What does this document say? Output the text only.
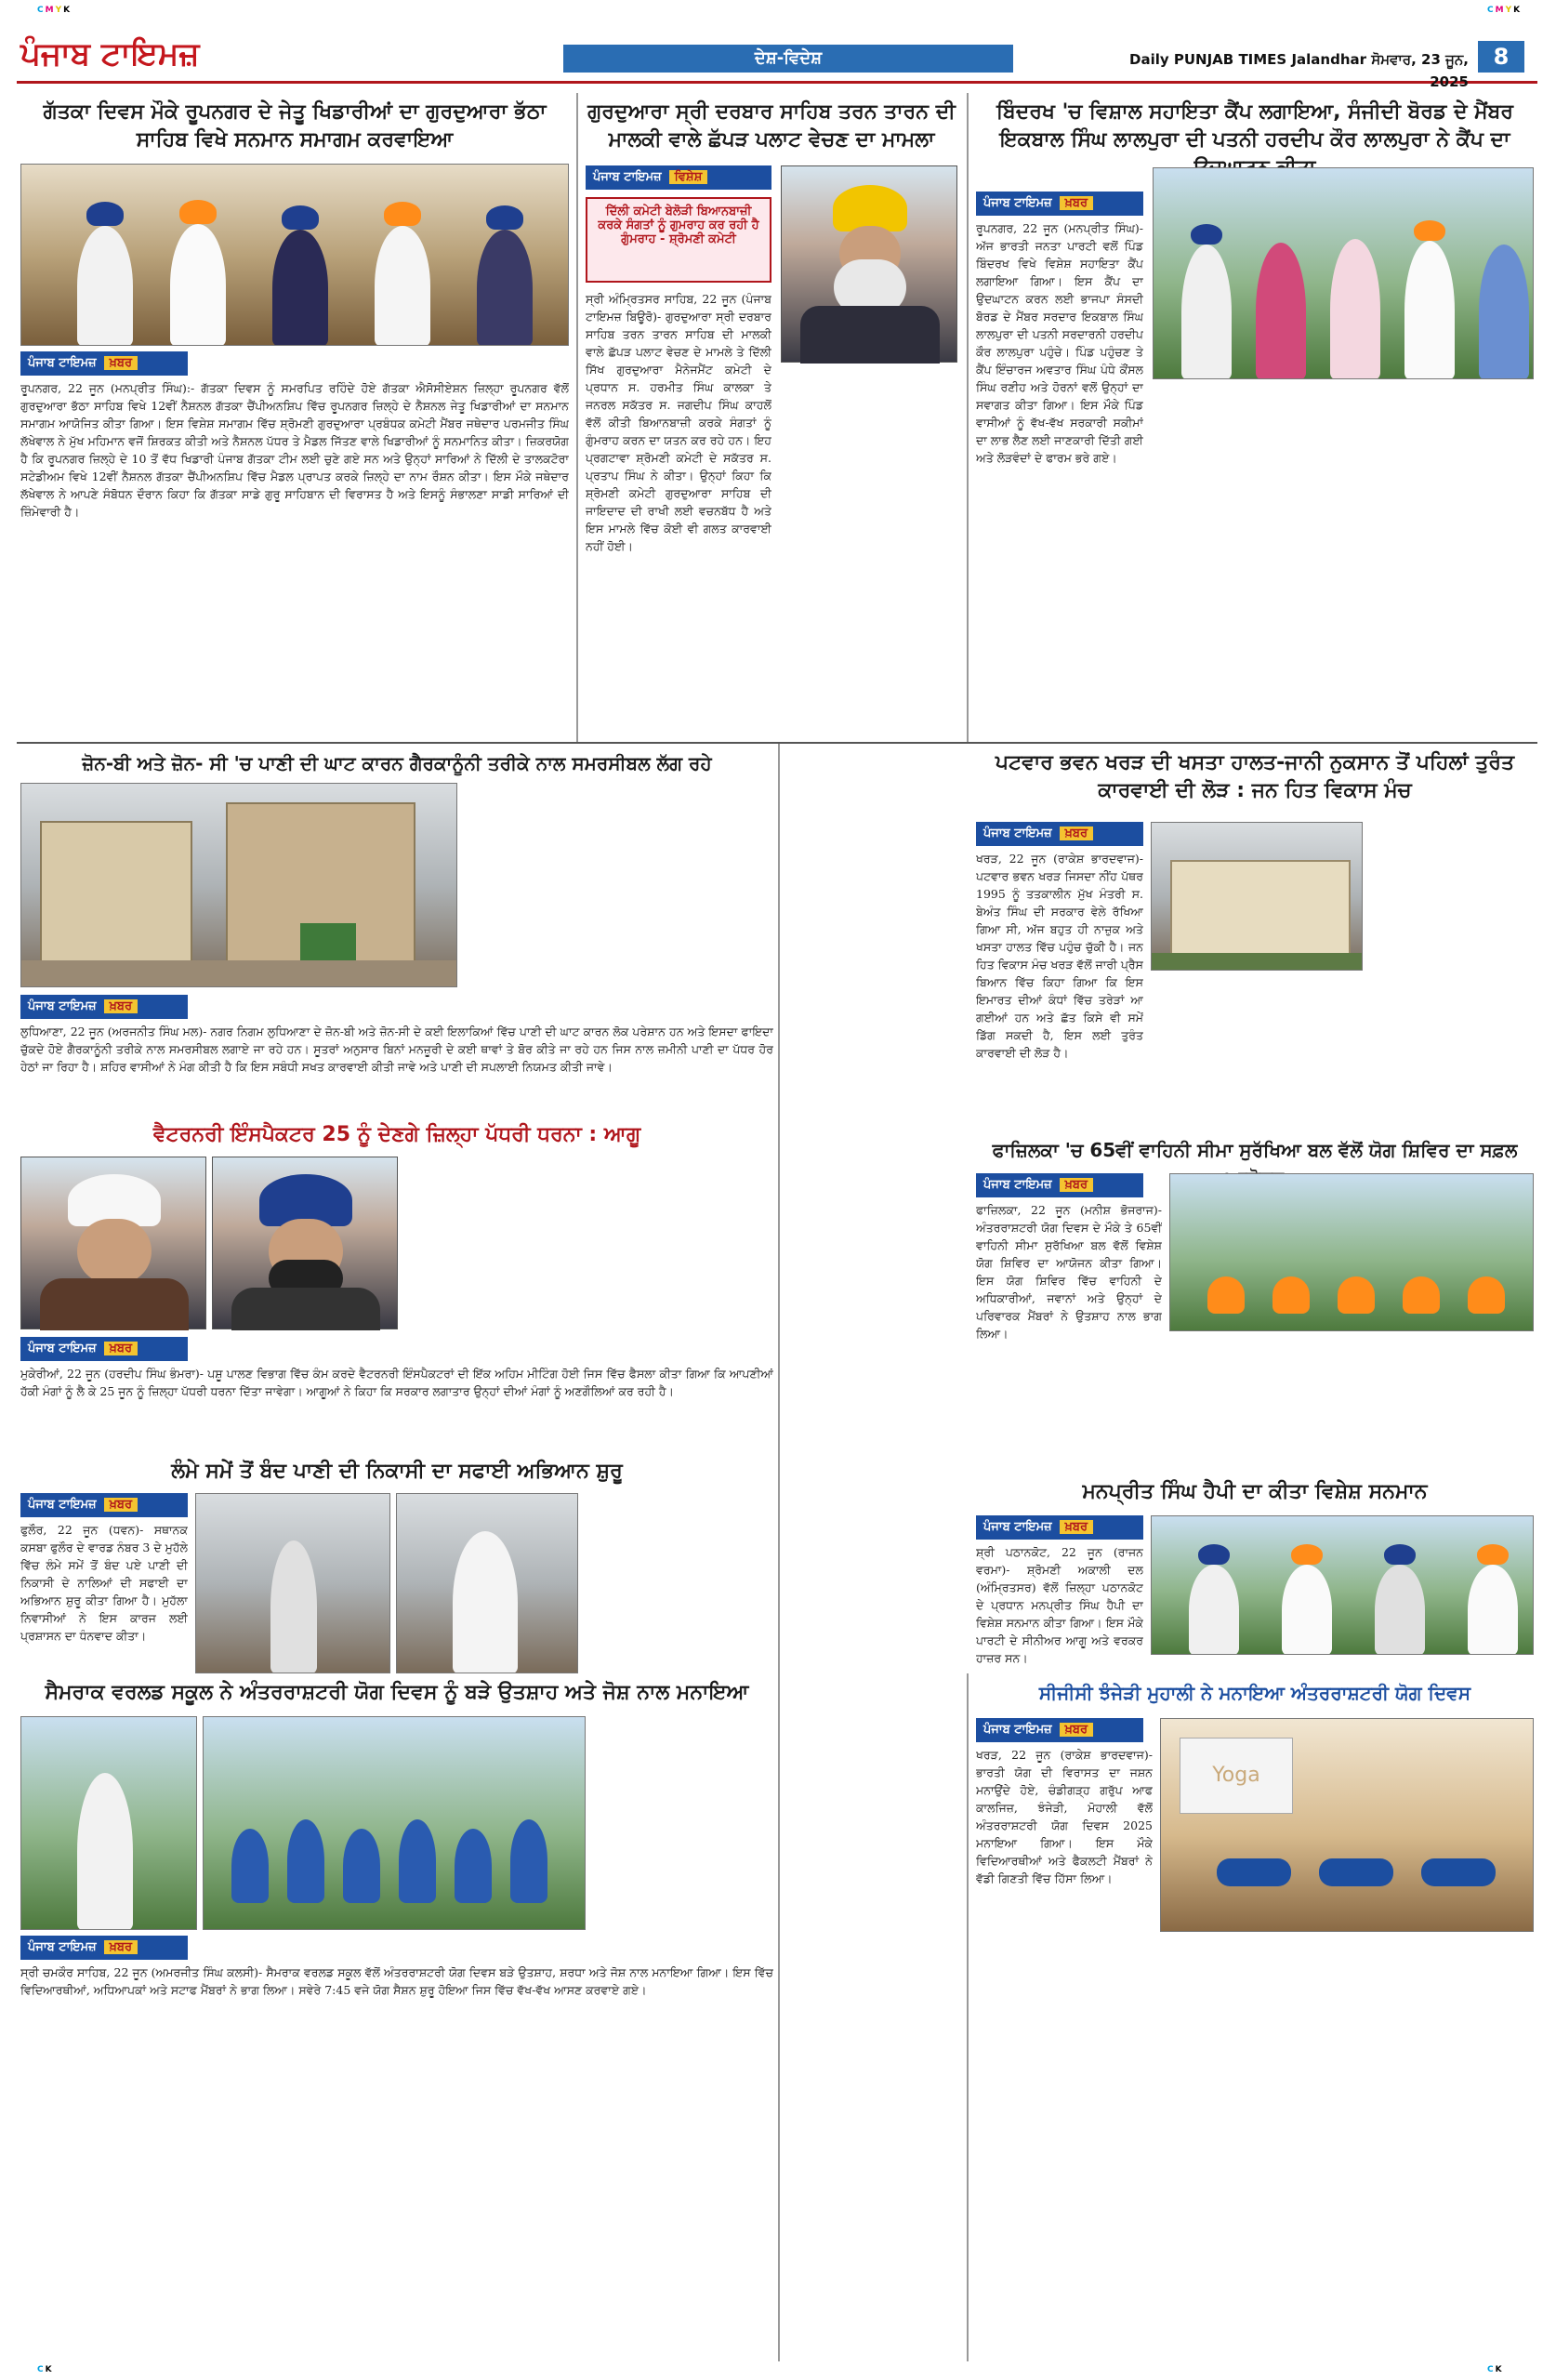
CMYK	CMYK
CK	CK
ਪੰਜਾਬ ਟਾਇਮਜ਼	ਦੇਸ਼-ਵਿਦੇਸ਼	Daily PUNJAB TIMES Jalandhar ਸੋਮਵਾਰ, 23 ਜੂਨ, 2025
8
ਗੱਤਕਾ ਦਿਵਸ ਮੌਕੇ ਰੂਪਨਗਰ ਦੇ ਜੇਤੂ ਖਿਡਾਰੀਆਂ ਦਾ ਗੁਰਦੁਆਰਾ ਭੱਠਾ ਸਾਹਿਬ ਵਿਖੇ ਸਨਮਾਨ ਸਮਾਗਮ ਕਰਵਾਇਆ
ਪੰਜਾਬ ਟਾਇਮਜ਼ ਖ਼ਬਰ
ਰੂਪਨਗਰ, 22 ਜੂਨ (ਮਨਪ੍ਰੀਤ ਸਿੰਘ):- ਗੱਤਕਾ ਦਿਵਸ ਨੂੰ ਸਮਰਪਿਤ ਰਹਿੰਦੇ ਹੋਏ ਗੱਤਕਾ ਐਸੋਸੀਏਸ਼ਨ ਜ਼ਿਲ੍ਹਾ ਰੂਪਨਗਰ ਵੱਲੋਂ ਗੁਰਦੁਆਰਾ ਭੱਠਾ ਸਾਹਿਬ ਵਿਖੇ 12ਵੀਂ ਨੈਸ਼ਨਲ ਗੱਤਕਾ ਚੈਂਪੀਅਨਸ਼ਿਪ ਵਿੱਚ ਰੂਪਨਗਰ ਜ਼ਿਲ੍ਹੇ ਦੇ ਨੈਸ਼ਨਲ ਜੇਤੂ ਖਿਡਾਰੀਆਂ ਦਾ ਸਨਮਾਨ ਸਮਾਗਮ ਆਯੋਜਿਤ ਕੀਤਾ ਗਿਆ। ਇਸ ਵਿਸ਼ੇਸ਼ ਸਮਾਗਮ ਵਿੱਚ ਸ਼੍ਰੋਮਣੀ ਗੁਰਦੁਆਰਾ ਪ੍ਰਬੰਧਕ ਕਮੇਟੀ ਮੈਂਬਰ ਜਥੇਦਾਰ ਪਰਮਜੀਤ ਸਿੰਘ ਲੱਖੇਵਾਲ ਨੇ ਮੁੱਖ ਮਹਿਮਾਨ ਵਜੋਂ ਸ਼ਿਰਕਤ ਕੀਤੀ ਅਤੇ ਨੈਸ਼ਨਲ ਪੱਧਰ ਤੇ ਮੈਡਲ ਜਿੱਤਣ ਵਾਲੇ ਖਿਡਾਰੀਆਂ ਨੂੰ ਸਨਮਾਨਿਤ ਕੀਤਾ। ਜ਼ਿਕਰਯੋਗ ਹੈ ਕਿ ਰੂਪਨਗਰ ਜ਼ਿਲ੍ਹੇ ਦੇ 10 ਤੋਂ ਵੱਧ ਖਿਡਾਰੀ ਪੰਜਾਬ ਗੱਤਕਾ ਟੀਮ ਲਈ ਚੁਣੇ ਗਏ ਸਨ ਅਤੇ ਉਨ੍ਹਾਂ ਸਾਰਿਆਂ ਨੇ ਦਿੱਲੀ ਦੇ ਤਾਲਕਟੋਰਾ ਸਟੇਡੀਅਮ ਵਿਖੇ 12ਵੀਂ ਨੈਸ਼ਨਲ ਗੱਤਕਾ ਚੈਂਪੀਅਨਸ਼ਿਪ ਵਿੱਚ ਮੈਡਲ ਪ੍ਰਾਪਤ ਕਰਕੇ ਜ਼ਿਲ੍ਹੇ ਦਾ ਨਾਮ ਰੌਸ਼ਨ ਕੀਤਾ। ਇਸ ਮੌਕੇ ਜਥੇਦਾਰ ਲੱਖੇਵਾਲ ਨੇ ਆਪਣੇ ਸੰਬੋਧਨ ਦੌਰਾਨ ਕਿਹਾ ਕਿ ਗੱਤਕਾ ਸਾਡੇ ਗੁਰੂ ਸਾਹਿਬਾਨ ਦੀ ਵਿਰਾਸਤ ਹੈ ਅਤੇ ਇਸਨੂੰ ਸੰਭਾਲਣਾ ਸਾਡੀ ਸਾਰਿਆਂ ਦੀ ਜ਼ਿੰਮੇਵਾਰੀ ਹੈ।
ਗੁਰਦੁਆਰਾ ਸ੍ਰੀ ਦਰਬਾਰ ਸਾਹਿਬ ਤਰਨ ਤਾਰਨ ਦੀ ਮਾਲਕੀ ਵਾਲੇ ਛੱਪੜ ਪਲਾਟ ਵੇਚਣ ਦਾ ਮਾਮਲਾ
ਪੰਜਾਬ ਟਾਇਮਜ਼ ਵਿਸ਼ੇਸ਼
ਦਿੱਲੀ ਕਮੇਟੀ ਬੇਲੋੜੀ ਬਿਆਨਬਾਜ਼ੀ ਕਰਕੇ ਸੰਗਤਾਂ ਨੂੰ ਗੁਮਰਾਹ ਕਰ ਰਹੀ ਹੈ ਗੁੰਮਰਾਹ - ਸ਼੍ਰੋਮਣੀ ਕਮੇਟੀ
ਸ੍ਰੀ ਅੰਮ੍ਰਿਤਸਰ ਸਾਹਿਬ, 22 ਜੂਨ (ਪੰਜਾਬ ਟਾਇਮਜ਼ ਬਿਊਰੋ)- ਗੁਰਦੁਆਰਾ ਸ੍ਰੀ ਦਰਬਾਰ ਸਾਹਿਬ ਤਰਨ ਤਾਰਨ ਸਾਹਿਬ ਦੀ ਮਾਲਕੀ ਵਾਲੇ ਛੱਪੜ ਪਲਾਟ ਵੇਚਣ ਦੇ ਮਾਮਲੇ ਤੇ ਦਿੱਲੀ ਸਿੱਖ ਗੁਰਦੁਆਰਾ ਮੈਨੇਜਮੈਂਟ ਕਮੇਟੀ ਦੇ ਪ੍ਰਧਾਨ ਸ. ਹਰਮੀਤ ਸਿੰਘ ਕਾਲਕਾ ਤੇ ਜਨਰਲ ਸਕੱਤਰ ਸ. ਜਗਦੀਪ ਸਿੰਘ ਕਾਹਲੋਂ ਵੱਲੋਂ ਕੀਤੀ ਬਿਆਨਬਾਜ਼ੀ ਕਰਕੇ ਸੰਗਤਾਂ ਨੂੰ ਗੁੰਮਰਾਹ ਕਰਨ ਦਾ ਯਤਨ ਕਰ ਰਹੇ ਹਨ। ਇਹ ਪ੍ਰਗਟਾਵਾ ਸ਼੍ਰੋਮਣੀ ਕਮੇਟੀ ਦੇ ਸਕੱਤਰ ਸ. ਪ੍ਰਤਾਪ ਸਿੰਘ ਨੇ ਕੀਤਾ। ਉਨ੍ਹਾਂ ਕਿਹਾ ਕਿ ਸ਼੍ਰੋਮਣੀ ਕਮੇਟੀ ਗੁਰਦੁਆਰਾ ਸਾਹਿਬ ਦੀ ਜਾਇਦਾਦ ਦੀ ਰਾਖੀ ਲਈ ਵਚਨਬੱਧ ਹੈ ਅਤੇ ਇਸ ਮਾਮਲੇ ਵਿੱਚ ਕੋਈ ਵੀ ਗਲਤ ਕਾਰਵਾਈ ਨਹੀਂ ਹੋਈ।
ਬਿੰਦਰਖ 'ਚ ਵਿਸ਼ਾਲ ਸਹਾਇਤਾ ਕੈਂਪ ਲਗਾਇਆ, ਸੰਜੀਦੀ ਬੋਰਡ ਦੇ ਮੈਂਬਰ ਇਕਬਾਲ ਸਿੰਘ ਲਾਲਪੁਰਾ ਦੀ ਪਤਨੀ ਹਰਦੀਪ ਕੌਰ ਲਾਲਪੁਰਾ ਨੇ ਕੈਂਪ ਦਾ
ਪੰਜਾਬ ਟਾਇਮਜ਼ ਖ਼ਬਰ
ਰੂਪਨਗਰ, 22 ਜੂਨ (ਮਨਪ੍ਰੀਤ ਸਿੰਘ)- ਅੱਜ ਭਾਰਤੀ ਜਨਤਾ ਪਾਰਟੀ ਵਲੋਂ ਪਿੰਡ ਬਿੰਦਰਖ ਵਿਖੇ ਵਿਸ਼ੇਸ਼ ਸਹਾਇਤਾ ਕੈਂਪ ਲਗਾਇਆ ਗਿਆ। ਇਸ ਕੈਂਪ ਦਾ ਉਦਘਾਟਨ ਕਰਨ ਲਈ ਭਾਜਪਾ ਸੰਸਦੀ ਬੋਰਡ ਦੇ ਮੈਂਬਰ ਸਰਦਾਰ ਇਕਬਾਲ ਸਿੰਘ ਲਾਲਪੁਰਾ ਦੀ ਪਤਨੀ ਸਰਦਾਰਨੀ ਹਰਦੀਪ ਕੌਰ ਲਾਲਪੁਰਾ ਪਹੁੰਚੇ। ਪਿੰਡ ਪਹੁੰਚਣ ਤੇ ਕੈਂਪ ਇੰਚਾਰਜ ਅਵਤਾਰ ਸਿੰਘ ਪੰਧੇ ਕੌਂਸਲ ਸਿੰਘ ਰਣੀਹ ਅਤੇ ਹੋਰਨਾਂ ਵਲੋਂ ਉਨ੍ਹਾਂ ਦਾ ਸਵਾਗਤ ਕੀਤਾ ਗਿਆ। ਇਸ ਮੌਕੇ ਪਿੰਡ ਵਾਸੀਆਂ ਨੂੰ ਵੱਖ-ਵੱਖ ਸਰਕਾਰੀ ਸਕੀਮਾਂ ਦਾ ਲਾਭ ਲੈਣ ਲਈ ਜਾਣਕਾਰੀ ਦਿੱਤੀ ਗਈ ਅਤੇ ਲੋੜਵੰਦਾਂ ਦੇ ਫਾਰਮ ਭਰੇ ਗਏ।
ਜ਼ੋਨ-ਬੀ ਅਤੇ ਜ਼ੋਨ- ਸੀ 'ਚ ਪਾਣੀ ਦੀ ਘਾਟ ਕਾਰਨ ਗੈਰਕਾਨੂੰਨੀ ਤਰੀਕੇ ਨਾਲ ਸਮਰਸੀਬਲ ਲੱਗ ਰਹੇ
ਪੰਜਾਬ ਟਾਇਮਜ਼ ਖ਼ਬਰ
ਲੁਧਿਆਣਾ, 22 ਜੂਨ (ਅਰਜਨੀਤ ਸਿੰਘ ਮਲ)- ਨਗਰ ਨਿਗਮ ਲੁਧਿਆਣਾ ਦੇ ਜ਼ੋਨ-ਬੀ ਅਤੇ ਜ਼ੋਨ-ਸੀ ਦੇ ਕਈ ਇਲਾਕਿਆਂ ਵਿੱਚ ਪਾਣੀ ਦੀ ਘਾਟ ਕਾਰਨ ਲੋਕ ਪਰੇਸ਼ਾਨ ਹਨ ਅਤੇ ਇਸਦਾ ਫਾਇਦਾ ਚੁੱਕਦੇ ਹੋਏ ਗੈਰਕਾਨੂੰਨੀ ਤਰੀਕੇ ਨਾਲ ਸਮਰਸੀਬਲ ਲਗਾਏ ਜਾ ਰਹੇ ਹਨ। ਸੂਤਰਾਂ ਅਨੁਸਾਰ ਬਿਨਾਂ ਮਨਜ਼ੂਰੀ ਦੇ ਕਈ ਥਾਵਾਂ ਤੇ ਬੋਰ ਕੀਤੇ ਜਾ ਰਹੇ ਹਨ ਜਿਸ ਨਾਲ ਜ਼ਮੀਨੀ ਪਾਣੀ ਦਾ ਪੱਧਰ ਹੋਰ ਹੇਠਾਂ ਜਾ ਰਿਹਾ ਹੈ। ਸ਼ਹਿਰ ਵਾਸੀਆਂ ਨੇ ਮੰਗ ਕੀਤੀ ਹੈ ਕਿ ਇਸ ਸਬੰਧੀ ਸਖਤ ਕਾਰਵਾਈ ਕੀਤੀ ਜਾਵੇ ਅਤੇ ਪਾਣੀ ਦੀ ਸਪਲਾਈ ਨਿਯਮਤ ਕੀਤੀ ਜਾਵੇ।
ਵੈਟਰਨਰੀ ਇੰਸਪੈਕਟਰ 25 ਨੂੰ ਦੇਣਗੇ ਜ਼ਿਲ੍ਹਾ ਪੱਧਰੀ ਧਰਨਾ : ਆਗੂ
ਪੰਜਾਬ ਟਾਇਮਜ਼ ਖ਼ਬਰ
ਮੁਕੇਰੀਆਂ, 22 ਜੂਨ (ਹਰਦੀਪ ਸਿੰਘ ਭੰਮਰਾ)- ਪਸ਼ੂ ਪਾਲਣ ਵਿਭਾਗ ਵਿੱਚ ਕੰਮ ਕਰਦੇ ਵੈਟਰਨਰੀ ਇੰਸਪੈਕਟਰਾਂ ਦੀ ਇੱਕ ਅਹਿਮ ਮੀਟਿੰਗ ਹੋਈ ਜਿਸ ਵਿੱਚ ਫੈਸਲਾ ਕੀਤਾ ਗਿਆ ਕਿ ਆਪਣੀਆਂ ਹੱਕੀ ਮੰਗਾਂ ਨੂੰ ਲੈ ਕੇ 25 ਜੂਨ ਨੂੰ ਜ਼ਿਲ੍ਹਾ ਪੱਧਰੀ ਧਰਨਾ ਦਿੱਤਾ ਜਾਵੇਗਾ। ਆਗੂਆਂ ਨੇ ਕਿਹਾ ਕਿ ਸਰਕਾਰ ਲਗਾਤਾਰ ਉਨ੍ਹਾਂ ਦੀਆਂ ਮੰਗਾਂ ਨੂੰ ਅਣਗੌਲਿਆਂ ਕਰ ਰਹੀ ਹੈ।
ਲੰਮੇ ਸਮੇਂ ਤੋਂ ਬੰਦ ਪਾਣੀ ਦੀ ਨਿਕਾਸੀ ਦਾ ਸਫਾਈ ਅਭਿਆਨ ਸ਼ੁਰੂ
ਪੰਜਾਬ ਟਾਇਮਜ਼ ਖ਼ਬਰ
ਫੁਲੌਰ, 22 ਜੂਨ (ਧਵਨ)- ਸਥਾਨਕ ਕਸਬਾ ਫੁਲੌਰ ਦੇ ਵਾਰਡ ਨੰਬਰ 3 ਦੇ ਮੁਹੱਲੇ ਵਿੱਚ ਲੰਮੇ ਸਮੇਂ ਤੋਂ ਬੰਦ ਪਏ ਪਾਣੀ ਦੀ ਨਿਕਾਸੀ ਦੇ ਨਾਲਿਆਂ ਦੀ ਸਫਾਈ ਦਾ ਅਭਿਆਨ ਸ਼ੁਰੂ ਕੀਤਾ ਗਿਆ ਹੈ। ਮੁਹੱਲਾ ਨਿਵਾਸੀਆਂ ਨੇ ਇਸ ਕਾਰਜ ਲਈ ਪ੍ਰਸ਼ਾਸਨ ਦਾ ਧੰਨਵਾਦ ਕੀਤਾ।
ਸੈਮਰਾਕ ਵਰਲਡ ਸਕੂਲ ਨੇ ਅੰਤਰਰਾਸ਼ਟਰੀ ਯੋਗ ਦਿਵਸ ਨੂੰ ਬੜੇ ਉਤਸ਼ਾਹ ਅਤੇ ਜੋਸ਼ ਨਾਲ ਮਨਾਇਆ
ਪੰਜਾਬ ਟਾਇਮਜ਼ ਖ਼ਬਰ
ਸ੍ਰੀ ਚਮਕੌਰ ਸਾਹਿਬ, 22 ਜੂਨ (ਅਮਰਜੀਤ ਸਿੰਘ ਕਲਸੀ)- ਸੈਮਰਾਕ ਵਰਲਡ ਸਕੂਲ ਵੱਲੋਂ ਅੰਤਰਰਾਸ਼ਟਰੀ ਯੋਗ ਦਿਵਸ ਬੜੇ ਉਤਸ਼ਾਹ, ਸ਼ਰਧਾ ਅਤੇ ਜੋਸ਼ ਨਾਲ ਮਨਾਇਆ ਗਿਆ। ਇਸ ਵਿੱਚ ਵਿਦਿਆਰਥੀਆਂ, ਅਧਿਆਪਕਾਂ ਅਤੇ ਸਟਾਫ ਮੈਂਬਰਾਂ ਨੇ ਭਾਗ ਲਿਆ। ਸਵੇਰੇ 7:45 ਵਜੇ ਯੋਗ ਸੈਸ਼ਨ ਸ਼ੁਰੂ ਹੋਇਆ ਜਿਸ ਵਿੱਚ ਵੱਖ-ਵੱਖ ਆਸਣ ਕਰਵਾਏ ਗਏ।
ਪਟਵਾਰ ਭਵਨ ਖਰੜ ਦੀ ਖਸਤਾ ਹਾਲਤ-ਜਾਨੀ ਨੁਕਸਾਨ ਤੋਂ ਪਹਿਲਾਂ ਤੁਰੰਤ ਕਾਰਵਾਈ ਦੀ ਲੋੜ : ਜਨ ਹਿਤ ਵਿਕਾਸ ਮੰਚ
ਪੰਜਾਬ ਟਾਇਮਜ਼ ਖ਼ਬਰ
ਖਰੜ, 22 ਜੂਨ (ਰਾਕੇਸ਼ ਭਾਰਦਵਾਜ)- ਪਟਵਾਰ ਭਵਨ ਖਰੜ ਜਿਸਦਾ ਨੀਂਹ ਪੱਥਰ 1995 ਨੂੰ ਤਤਕਾਲੀਨ ਮੁੱਖ ਮੰਤਰੀ ਸ. ਬੇਅੰਤ ਸਿੰਘ ਦੀ ਸਰਕਾਰ ਵੇਲੇ ਰੱਖਿਆ ਗਿਆ ਸੀ, ਅੱਜ ਬਹੁਤ ਹੀ ਨਾਜ਼ੁਕ ਅਤੇ ਖਸਤਾ ਹਾਲਤ ਵਿੱਚ ਪਹੁੰਚ ਚੁੱਕੀ ਹੈ। ਜਨ ਹਿਤ ਵਿਕਾਸ ਮੰਚ ਖਰੜ ਵੱਲੋਂ ਜਾਰੀ ਪ੍ਰੈਸ ਬਿਆਨ ਵਿੱਚ ਕਿਹਾ ਗਿਆ ਕਿ ਇਸ ਇਮਾਰਤ ਦੀਆਂ ਕੰਧਾਂ ਵਿੱਚ ਤਰੇੜਾਂ ਆ ਗਈਆਂ ਹਨ ਅਤੇ ਛੱਤ ਕਿਸੇ ਵੀ ਸਮੇਂ ਡਿੱਗ ਸਕਦੀ ਹੈ, ਇਸ ਲਈ ਤੁਰੰਤ ਕਾਰਵਾਈ ਦੀ ਲੋੜ ਹੈ।
ਫਾਜ਼ਿਲਕਾ 'ਚ 65ਵੀਂ ਵਾਹਿਨੀ ਸੀਮਾ ਸੁਰੱਖਿਆ ਬਲ ਵੱਲੋਂ ਯੋਗ ਸ਼ਿਵਿਰ ਦਾ ਸਫ਼ਲ
ਪੰਜਾਬ ਟਾਇਮਜ਼ ਖ਼ਬਰ
ਫਾਜ਼ਿਲਕਾ, 22 ਜੂਨ (ਮਨੀਸ਼ ਭੋਜਰਾਜ)- ਅੰਤਰਰਾਸ਼ਟਰੀ ਯੋਗ ਦਿਵਸ ਦੇ ਮੌਕੇ ਤੇ 65ਵੀਂ ਵਾਹਿਨੀ ਸੀਮਾ ਸੁਰੱਖਿਆ ਬਲ ਵੱਲੋਂ ਵਿਸ਼ੇਸ਼ ਯੋਗ ਸ਼ਿਵਿਰ ਦਾ ਆਯੋਜਨ ਕੀਤਾ ਗਿਆ। ਇਸ ਯੋਗ ਸ਼ਿਵਿਰ ਵਿੱਚ ਵਾਹਿਨੀ ਦੇ ਅਧਿਕਾਰੀਆਂ, ਜਵਾਨਾਂ ਅਤੇ ਉਨ੍ਹਾਂ ਦੇ ਪਰਿਵਾਰਕ ਮੈਂਬਰਾਂ ਨੇ ਉਤਸ਼ਾਹ ਨਾਲ ਭਾਗ ਲਿਆ।
ਮਨਪ੍ਰੀਤ ਸਿੰਘ ਹੈਪੀ ਦਾ ਕੀਤਾ ਵਿਸ਼ੇਸ਼ ਸਨਮਾਨ
ਪੰਜਾਬ ਟਾਇਮਜ਼ ਖ਼ਬਰ
ਸ਼੍ਰੀ ਪਠਾਨਕੋਟ, 22 ਜੂਨ (ਰਾਜਨ ਵਰਮਾ)- ਸ਼੍ਰੋਮਣੀ ਅਕਾਲੀ ਦਲ (ਅੰਮ੍ਰਿਤਸਰ) ਵੱਲੋਂ ਜ਼ਿਲ੍ਹਾ ਪਠਾਨਕੋਟ ਦੇ ਪ੍ਰਧਾਨ ਮਨਪ੍ਰੀਤ ਸਿੰਘ ਹੈਪੀ ਦਾ ਵਿਸ਼ੇਸ਼ ਸਨਮਾਨ ਕੀਤਾ ਗਿਆ। ਇਸ ਮੌਕੇ ਪਾਰਟੀ ਦੇ ਸੀਨੀਅਰ ਆਗੂ ਅਤੇ ਵਰਕਰ ਹਾਜ਼ਰ ਸਨ।
ਸੀਜੀਸੀ ਝੰਜੇੜੀ ਮੁਹਾਲੀ ਨੇ ਮਨਾਇਆ ਅੰਤਰਰਾਸ਼ਟਰੀ ਯੋਗ ਦਿਵਸ
ਪੰਜਾਬ ਟਾਇਮਜ਼ ਖ਼ਬਰ
ਖਰੜ, 22 ਜੂਨ (ਰਾਕੇਸ਼ ਭਾਰਦਵਾਜ)- ਭਾਰਤੀ ਯੋਗ ਦੀ ਵਿਰਾਸਤ ਦਾ ਜਸ਼ਨ ਮਨਾਉਂਦੇ ਹੋਏ, ਚੰਡੀਗੜ੍ਹ ਗਰੁੱਪ ਆਫ ਕਾਲਜਿਜ਼, ਝੰਜੇੜੀ, ਮੋਹਾਲੀ ਵੱਲੋਂ ਅੰਤਰਰਾਸ਼ਟਰੀ ਯੋਗ ਦਿਵਸ 2025 ਮਨਾਇਆ ਗਿਆ। ਇਸ ਮੌਕੇ ਵਿਦਿਆਰਥੀਆਂ ਅਤੇ ਫੈਕਲਟੀ ਮੈਂਬਰਾਂ ਨੇ ਵੱਡੀ ਗਿਣਤੀ ਵਿੱਚ ਹਿੱਸਾ ਲਿਆ।
Yoga
